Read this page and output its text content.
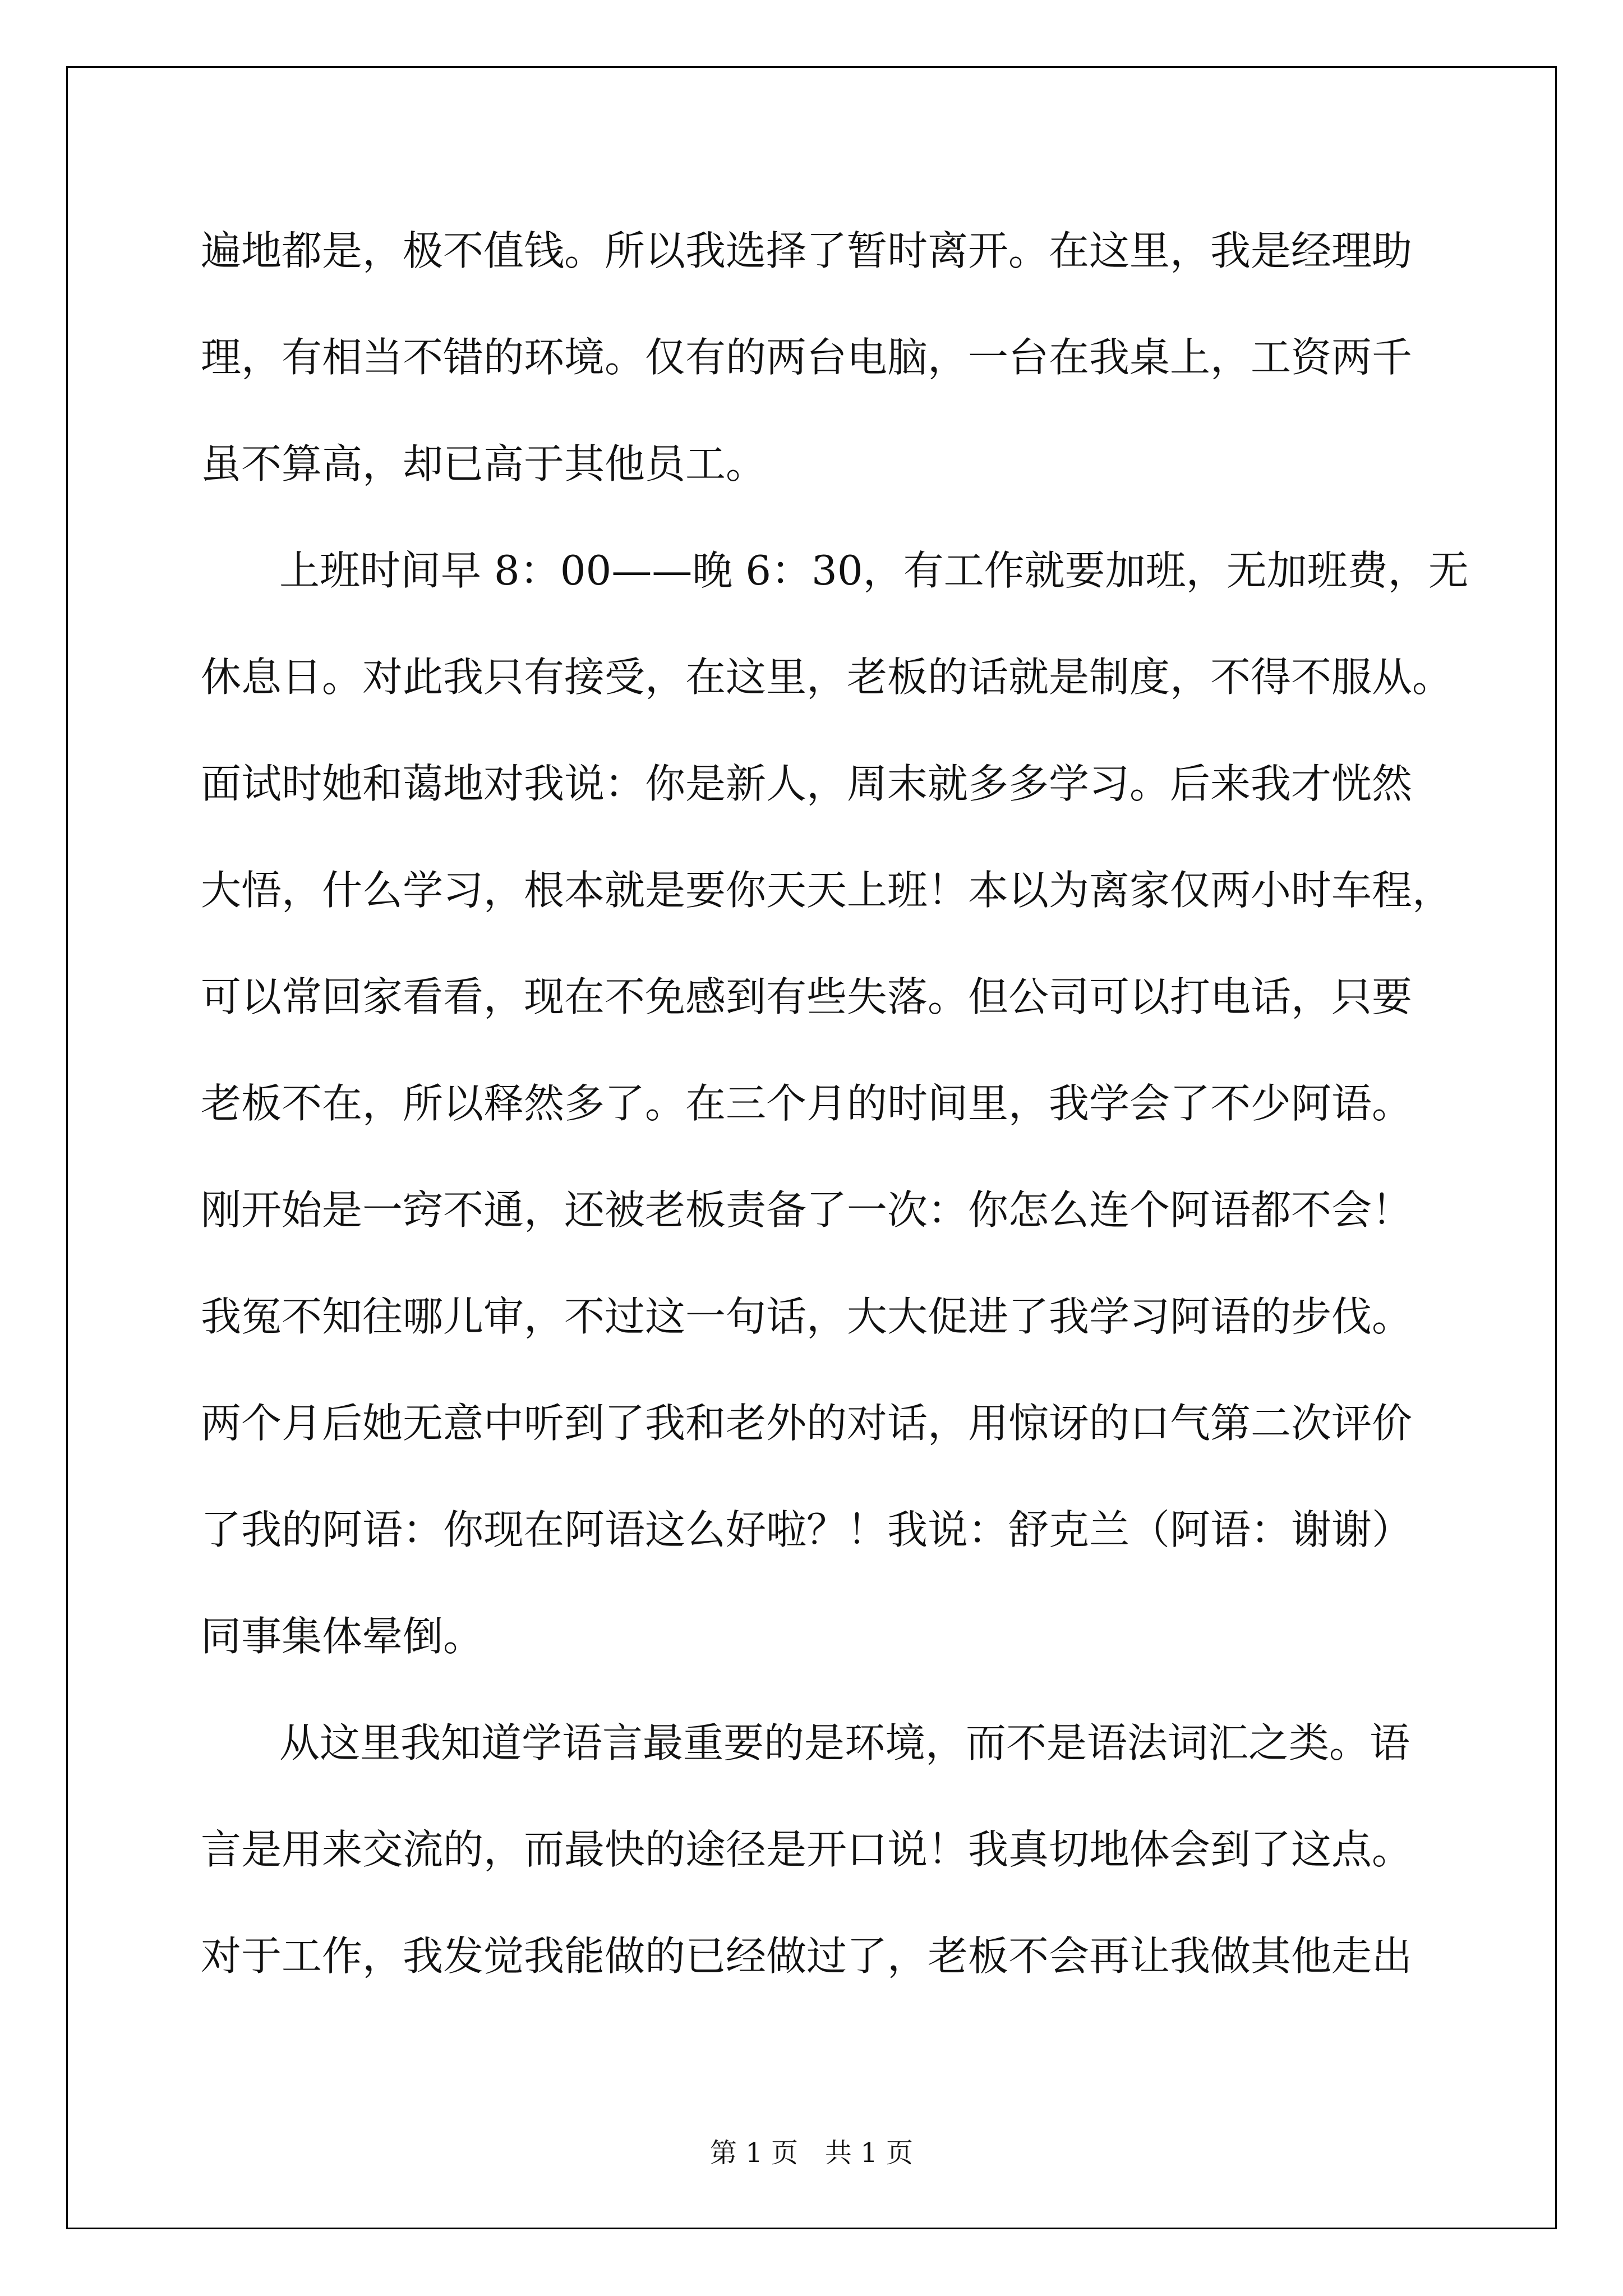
遍地都是，极不值钱。所以我选择了暂时离开。在这里，我是经理助
理，有相当不错的环境。仅有的两台电脑，一台在我桌上，工资两千
虽不算高，却已高于其他员工。
上班时间早 8：00——晚 6：30，有工作就要加班，无加班费，无
休息日。对此我只有接受，在这里，老板的话就是制度，不得不服从。
面试时她和蔼地对我说：你是新人，周末就多多学习。后来我才恍然
大悟，什么学习，根本就是要你天天上班！本以为离家仅两小时车程，
可以常回家看看，现在不免感到有些失落。但公司可以打电话，只要
老板不在，所以释然多了。在三个月的时间里，我学会了不少阿语。
刚开始是一窍不通，还被老板责备了一次：你怎么连个阿语都不会！
我冤不知往哪儿审，不过这一句话，大大促进了我学习阿语的步伐。
两个月后她无意中听到了我和老外的对话，用惊讶的口气第二次评价
了我的阿语：你现在阿语这么好啦？！我说：舒克兰（阿语：谢谢）
同事集体晕倒。
从这里我知道学语言最重要的是环境，而不是语法词汇之类。语
言是用来交流的，而最快的途径是开口说！我真切地体会到了这点。
对于工作，我发觉我能做的已经做过了，老板不会再让我做其他走出
第 1 页　共 1 页
